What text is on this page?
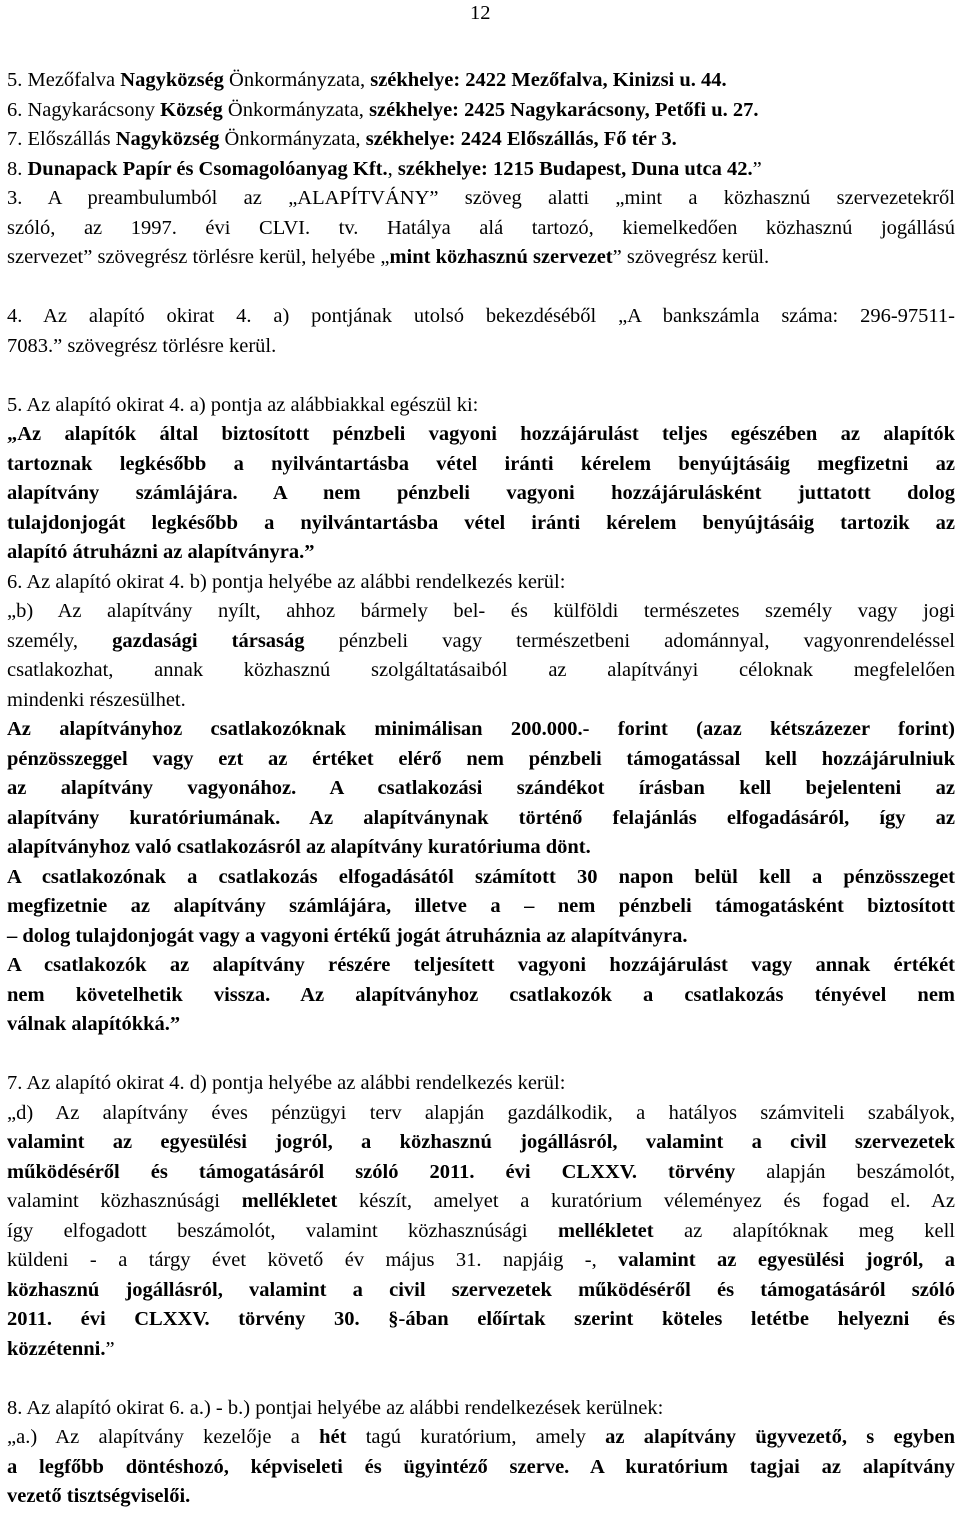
12
5. Mezőfalva Nagyközség Önkormányzata, székhelye: 2422 Mezőfalva, Kinizsi u. 44.
6. Nagykarácsony Község Önkormányzata, székhelye: 2425 Nagykarácsony, Petőfi u. 27.
7. Előszállás Nagyközség Önkormányzata, székhelye: 2424 Előszállás, Fő tér 3.
8. Dunapack Papír és Csomagolóanyag Kft., székhelye: 1215 Budapest, Duna utca 42.”
3. A preambulumból az „ALAPÍTVÁNY” szöveg alatti „mint a közhasznú szervezetekről
szóló, az 1997. évi CLVI. tv. Hatálya alá tartozó, kiemelkedően közhasznú jogállású
szervezet” szövegrész törlésre kerül, helyébe „mint közhasznú szervezet” szövegrész kerül.
4. Az alapító okirat 4. a) pontjának utolsó bekezdéséből „A bankszámla száma: 296-97511-
7083.” szövegrész törlésre kerül.
5. Az alapító okirat 4. a) pontja az alábbiakkal egészül ki:
„Az alapítók által biztosított pénzbeli vagyoni hozzájárulást teljes egészében az alapítók
tartoznak legkésőbb a nyilvántartásba vétel iránti kérelem benyújtásáig megfizetni az
alapítvány számlájára. A nem pénzbeli vagyoni hozzájárulásként juttatott dolog
tulajdonjogát legkésőbb a nyilvántartásba vétel iránti kérelem benyújtásáig tartozik az
alapító átruházni az alapítványra.”
6. Az alapító okirat 4. b) pontja helyébe az alábbi rendelkezés kerül:
„b) Az alapítvány nyílt, ahhoz bármely bel- és külföldi természetes személy vagy jogi
személy, gazdasági társaság pénzbeli vagy természetbeni adománnyal, vagyonrendeléssel
csatlakozhat, annak közhasznú szolgáltatásaiból az alapítványi céloknak megfelelően
mindenki részesülhet.
Az alapítványhoz csatlakozóknak minimálisan 200.000.- forint (azaz kétszázezer forint)
pénzösszeggel vagy ezt az értéket elérő nem pénzbeli támogatással kell hozzájárulniuk
az alapítvány vagyonához. A csatlakozási szándékot írásban kell bejelenteni az
alapítvány kuratóriumának. Az alapítványnak történő felajánlás elfogadásáról, így az
alapítványhoz való csatlakozásról az alapítvány kuratóriuma dönt.
A csatlakozónak a csatlakozás elfogadásától számított 30 napon belül kell a pénzösszeget
megfizetnie az alapítvány számlájára, illetve a – nem pénzbeli támogatásként biztosított
– dolog tulajdonjogát vagy a vagyoni értékű jogát átruháznia az alapítványra.
A csatlakozók az alapítvány részére teljesített vagyoni hozzájárulást vagy annak értékét
nem követelhetik vissza. Az alapítványhoz csatlakozók a csatlakozás tényével nem
válnak alapítókká.”
7. Az alapító okirat 4. d) pontja helyébe az alábbi rendelkezés kerül:
„d) Az alapítvány éves pénzügyi terv alapján gazdálkodik, a hatályos számviteli szabályok,
valamint az egyesülési jogról, a közhasznú jogállásról, valamint a civil szervezetek
működéséről és támogatásáról szóló 2011. évi CLXXV. törvény alapján beszámolót,
valamint közhasznúsági mellékletet készít, amelyet a kuratórium véleményez és fogad el. Az
így elfogadott beszámolót, valamint közhasznúsági mellékletet az alapítóknak meg kell
küldeni - a tárgy évet követő év május 31. napjáig -, valamint az egyesülési jogról, a
közhasznú jogállásról, valamint a civil szervezetek működéséről és támogatásáról szóló
2011. évi CLXXV. törvény 30. §-ában előírtak szerint köteles letétbe helyezni és
közzétenni.”
8. Az alapító okirat 6. a.) - b.) pontjai helyébe az alábbi rendelkezések kerülnek:
„a.) Az alapítvány kezelője a hét tagú kuratórium, amely az alapítvány ügyvezető, s egyben
a legfőbb döntéshozó, képviseleti és ügyintéző szerve. A kuratórium tagjai az alapítvány
vezető tisztségviselői.
